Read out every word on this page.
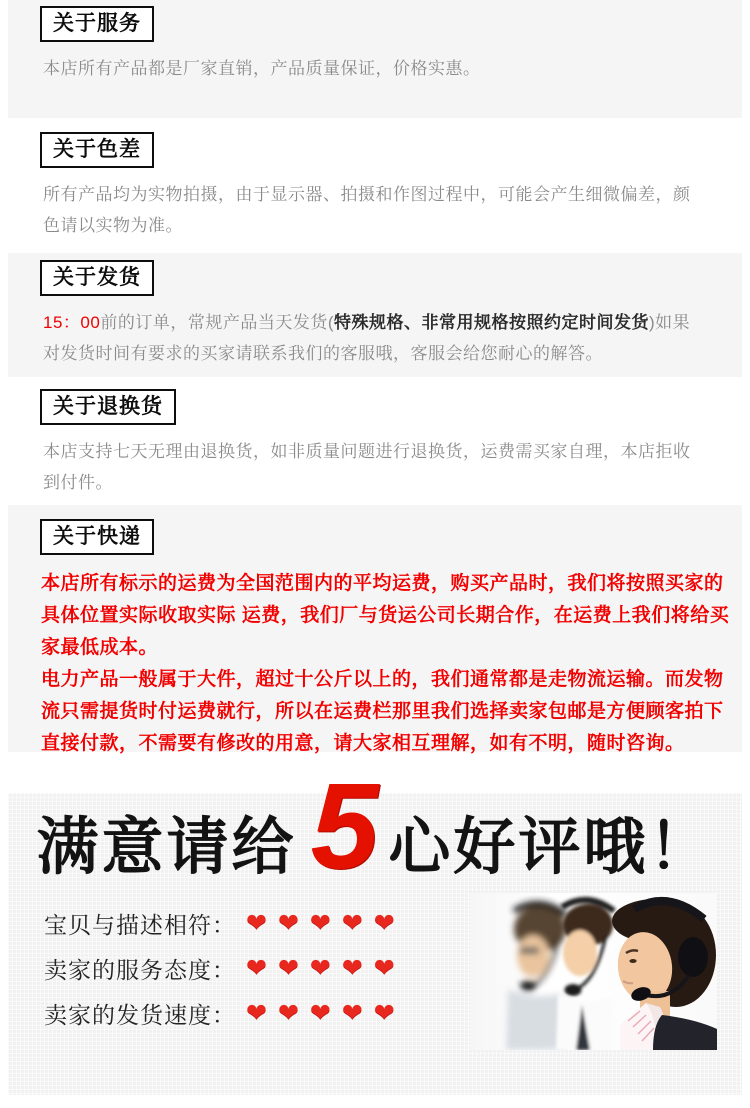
关于服务

本店所有产品都是厂家直销，产品质量保证，价格实惠。

关于色差

所有产品均为实物拍摄，由于显示器、拍摄和作图过程中，可能会产生细微偏差，颜色请以实物为准。

关于发货

15：00前的订单，常规产品当天发货(特殊规格、非常用规格按照约定时间发货)如果对发货时间有要求的买家请联系我们的客服哦，客服会给您耐心的解答。

关于退换货

本店支持七天无理由退换货，如非质量问题进行退换货，运费需买家自理，本店拒收到付件。

关于快递

本店所有标示的运费为全国范围内的平均运费，购买产品时，我们将按照买家的具体位置实际收取实际 运费，我们厂与货运公司长期合作，在运费上我们将给买家最低成本。

电力产品一般属于大件，超过十公斤以上的，我们通常都是走物流运输。而发物流只需提货时付运费就行，所以在运费栏那里我们选择卖家包邮是方便顾客拍下直接付款，不需要有修改的用意，请大家相互理解，如有不明，随时咨询。

满意请给 5 心好评哦！
宝贝与描述相符： ❤❤❤❤❤
卖家的服务态度： ❤❤❤❤❤
卖家的发货速度： ❤❤❤❤❤
